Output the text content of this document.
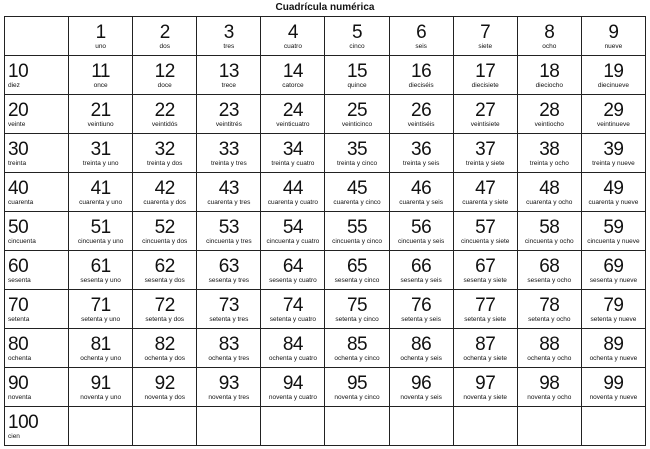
Cuadrícula numérica

	1
uno	2
dos	3
tres	4
cuatro	5
cinco	6
seis	7
siete	8
ocho	9
nueve

10
diez	11
once	12
doce	13
trece	14
catorce	15
quince	16
dieciséis	17
diecisiete	18
dieciocho	19
diecinueve

20
veinte	21
veintiuno	22
veintidós	23
veintitrés	24
veinticuatro	25
veinticinco	26
veintiséis	27
veintisiete	28
veintiocho	29
veintinueve

30
treinta	31
treinta y uno	32
treinta y dos	33
treinta y tres	34
treinta y cuatro	35
treinta y cinco	36
treinta y seis	37
treinta y siete	38
treinta y ocho	39
treinta y nueve

40
cuarenta	41
cuarenta y uno	42
cuarenta y dos	43
cuarenta y tres	44
cuarenta y cuatro	45
cuarenta y cinco	46
cuarenta y seis	47
cuarenta y siete	48
cuarenta y ocho	49
cuarenta y nueve

50
cincuenta	51
cincuenta y uno	52
cincuenta y dos	53
cincuenta y tres	54
cincuenta y cuatro	55
cincuenta y cinco	56
cincuenta y seis	57
cincuenta y siete	58
cincuenta y ocho	59
cincuenta y nueve

60
sesenta	61
sesenta y uno	62
sesenta y dos	63
sesenta y tres	64
sesenta y cuatro	65
sesenta y cinco	66
sesenta y seis	67
sesenta y siete	68
sesenta y ocho	69
sesenta y nueve

70
setenta	71
setenta y uno	72
setenta y dos	73
setenta y tres	74
setenta y cuatro	75
setenta y cinco	76
setenta y seis	77
setenta y siete	78
setenta y ocho	79
setenta y nueve

80
ochenta	81
ochenta y uno	82
ochenta y dos	83
ochenta y tres	84
ochenta y cuatro	85
ochenta y cinco	86
ochenta y seis	87
ochenta y siete	88
ochenta y ocho	89
ochenta y nueve

90
noventa	91
noventa y uno	92
noventa y dos	93
noventa y tres	94
noventa y cuatro	95
noventa y cinco	96
noventa y seis	97
noventa y siete	98
noventa y ocho	99
noventa y nueve

100
cien									
